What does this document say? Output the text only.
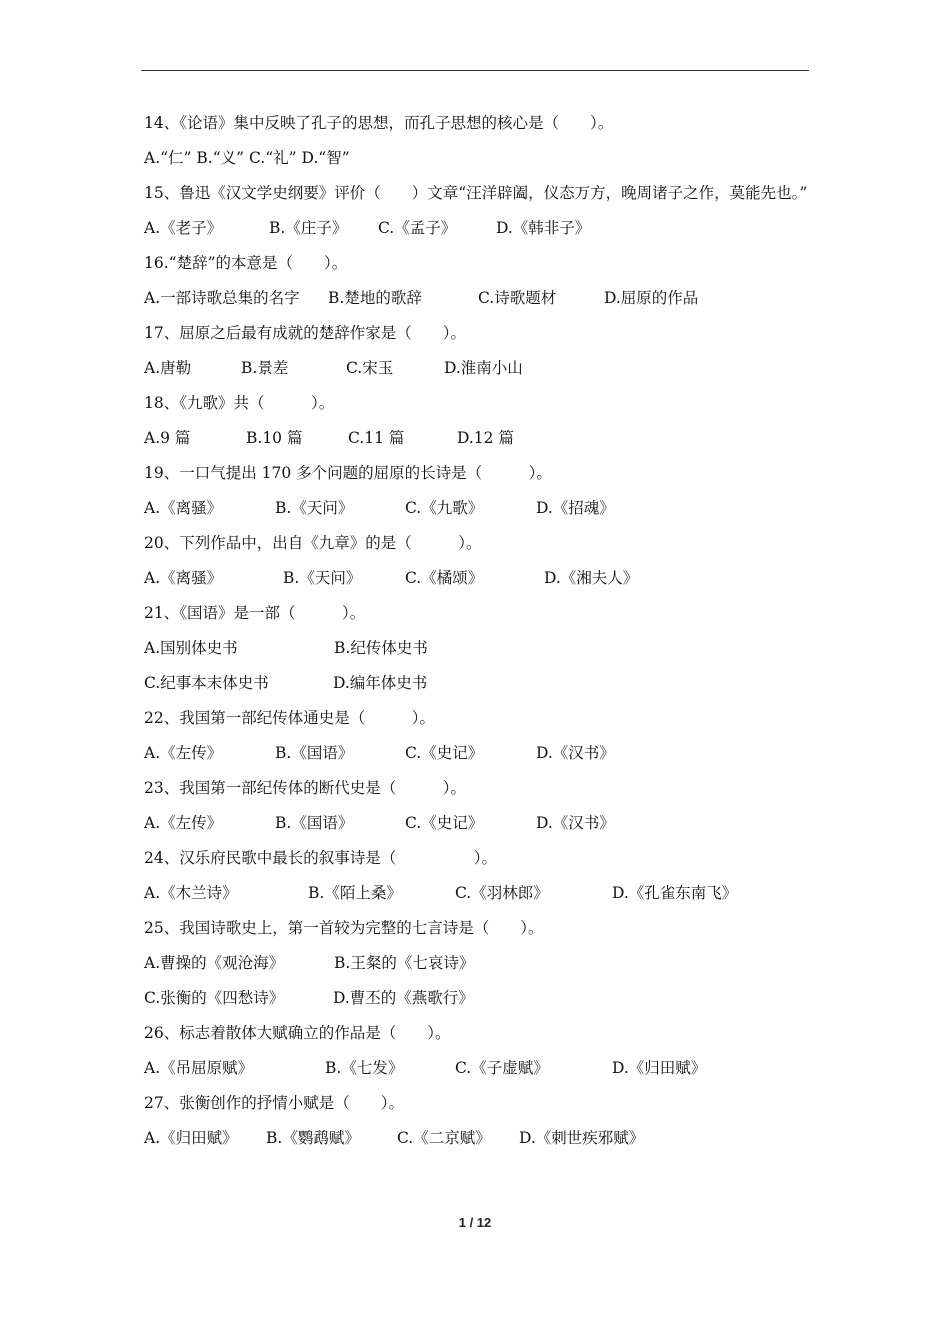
14、《论语》集中反映了孔子的思想，而孔子思想的核心是（　　）。
A.“仁” B.“义” C.“礼” D.“智”
15、鲁迅《汉文学史纲要》评价（　　）文章“汪洋辟阖，仪态万方，晚周诸子之作，莫能先也。”
A.《老子》	B.《庄子》 C.《孟子》	D.《韩非子》
16.“楚辞”的本意是（　　）。
A.一部诗歌总集的名字 B.楚地的歌辞	C.诗歌题材	D.屈原的作品
17、屈原之后最有成就的楚辞作家是（　　）。
A.唐勒	B.景差	C.宋玉	D.淮南小山
18、《九歌》共（　　　）。
A.9 篇	B.10 篇	C.11 篇	D.12 篇
19、一口气提出 170 多个问题的屈原的长诗是（　　　）。
A.《离骚》	B.《天问》	C.《九歌》	D.《招魂》
20、下列作品中，出自《九章》的是（　　　）。
A.《离骚》	B.《天问》	C.《橘颂》	D.《湘夫人》
21、《国语》是一部（　　　）。
A.国别体史书	B.纪传体史书
C.纪事本末体史书	D.编年体史书
22、我国第一部纪传体通史是（　　　）。
A.《左传》	B.《国语》	C.《史记》	D.《汉书》
23、我国第一部纪传体的断代史是（　　　）。
A.《左传》	B.《国语》	C.《史记》	D.《汉书》
24、汉乐府民歌中最长的叙事诗是（　　　　　）。
A.《木兰诗》	B.《陌上桑》	C.《羽林郎》	D.《孔雀东南飞》
25、我国诗歌史上，第一首较为完整的七言诗是（　　）。
A.曹操的《观沧海》	B.王粲的《七哀诗》
C.张衡的《四愁诗》	D.曹丕的《燕歌行》
26、标志着散体大赋确立的作品是（　　）。
A.《吊屈原赋》	B.《七发》	C.《子虚赋》	D.《归田赋》
27、张衡创作的抒情小赋是（　　）。
A.《归田赋》 B.《鹦鹉赋》 C.《二京赋》 D.《刺世疾邪赋》
1 / 12
